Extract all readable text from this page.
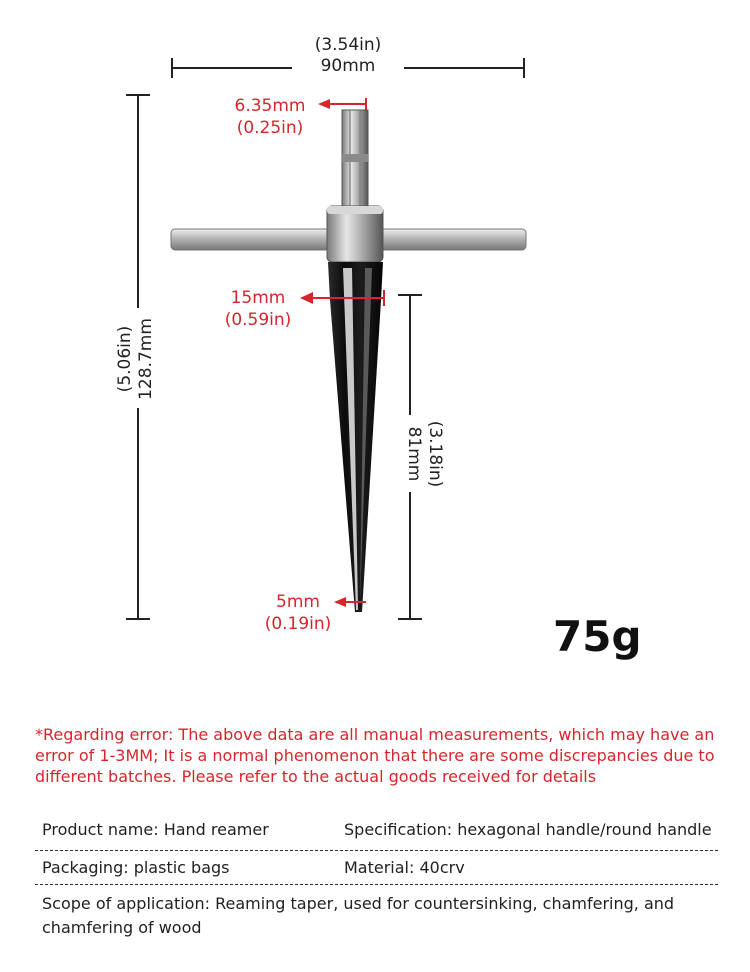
(3.54in)
90mm
(5.06in) 128.7mm
(3.18in)
81mm
6.35mm
(0.25in)
15mm
(0.59in)
5mm
(0.19in)	75g
*Regarding error: The above data are all manual measurements, which may have an error of 1-3MM; It is a normal phenomenon that there are some discrepancies due to different batches. Please refer to the actual goods received for details
Product name: Hand reamer	Specification: hexagonal handle/round handle
Packaging: plastic bags	Material: 40crv
Scope of application: Reaming taper, used for countersinking, chamfering, and chamfering of wood
